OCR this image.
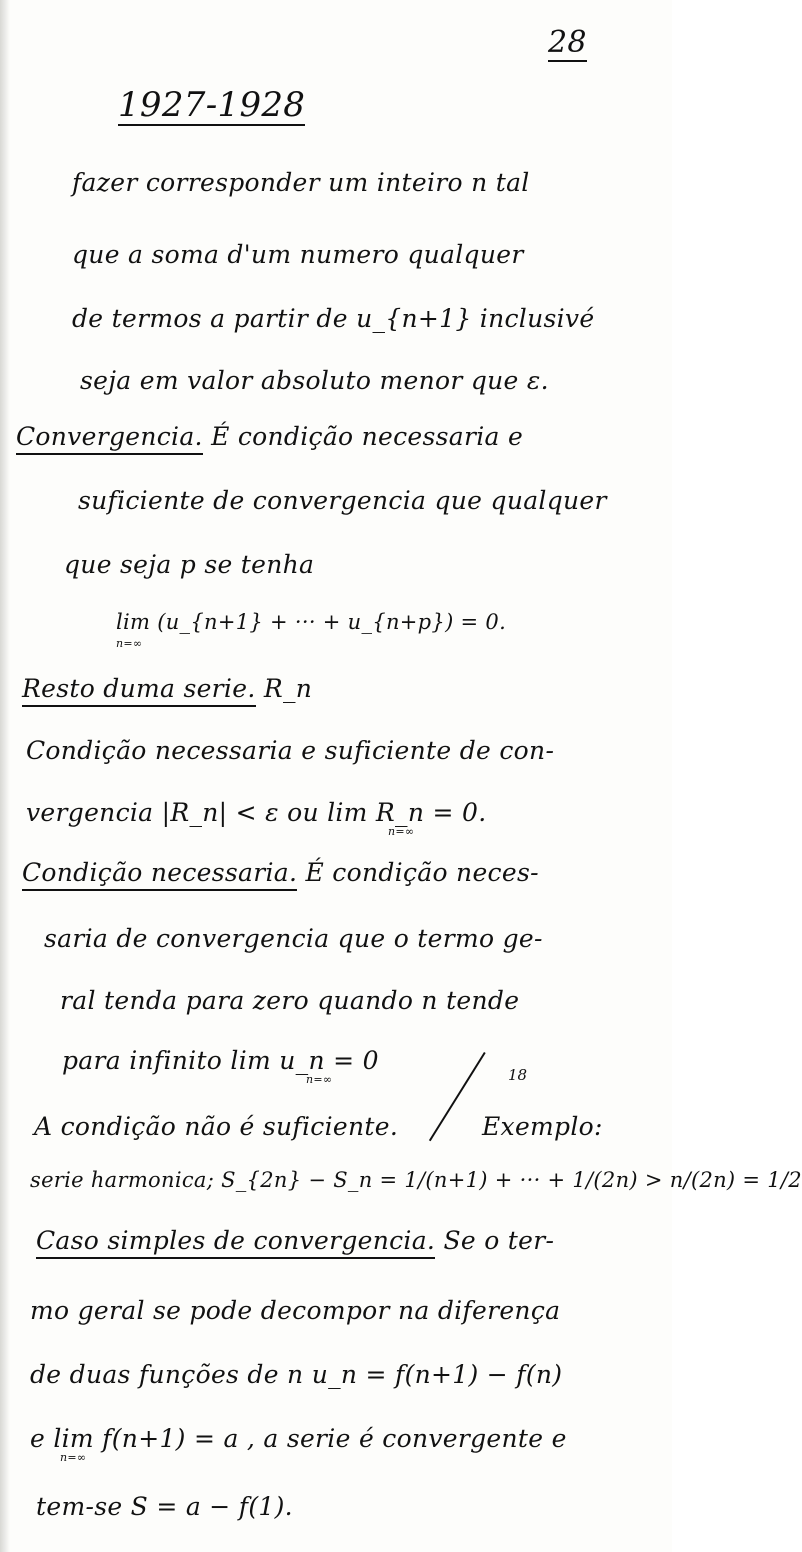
28
1927-1928
fazer corresponder um inteiro n tal
que a soma d'um numero qualquer
de termos a partir de u_{n+1} inclusivé
seja em valor absoluto menor que ε.
Convergencia. É condição necessaria e
suficiente de convergencia que qualquer
que seja p se tenha
lim (u_{n+1} + ··· + u_{n+p}) = 0.
n=∞
Resto duma serie. R_n
Condição necessaria e suficiente de con-
vergencia |R_n| < ε ou lim R_n = 0.
n=∞
Condição necessaria. É condição neces-
saria de convergencia que o termo ge-
ral tenda para zero quando n tende
para infinito lim u_n = 0
n=∞	18
A condição não é suficiente.	Exemplo:
serie harmonica; S_{2n} − S_n = 1/(n+1) + ··· + 1/(2n) > n/(2n) = 1/2
Caso simples de convergencia. Se o ter-
mo geral se pode decompor na diferença
de duas funções de n u_n = f(n+1) − f(n)
e lim f(n+1) = a , a serie é convergente e
n=∞
tem-se S = a − f(1).
